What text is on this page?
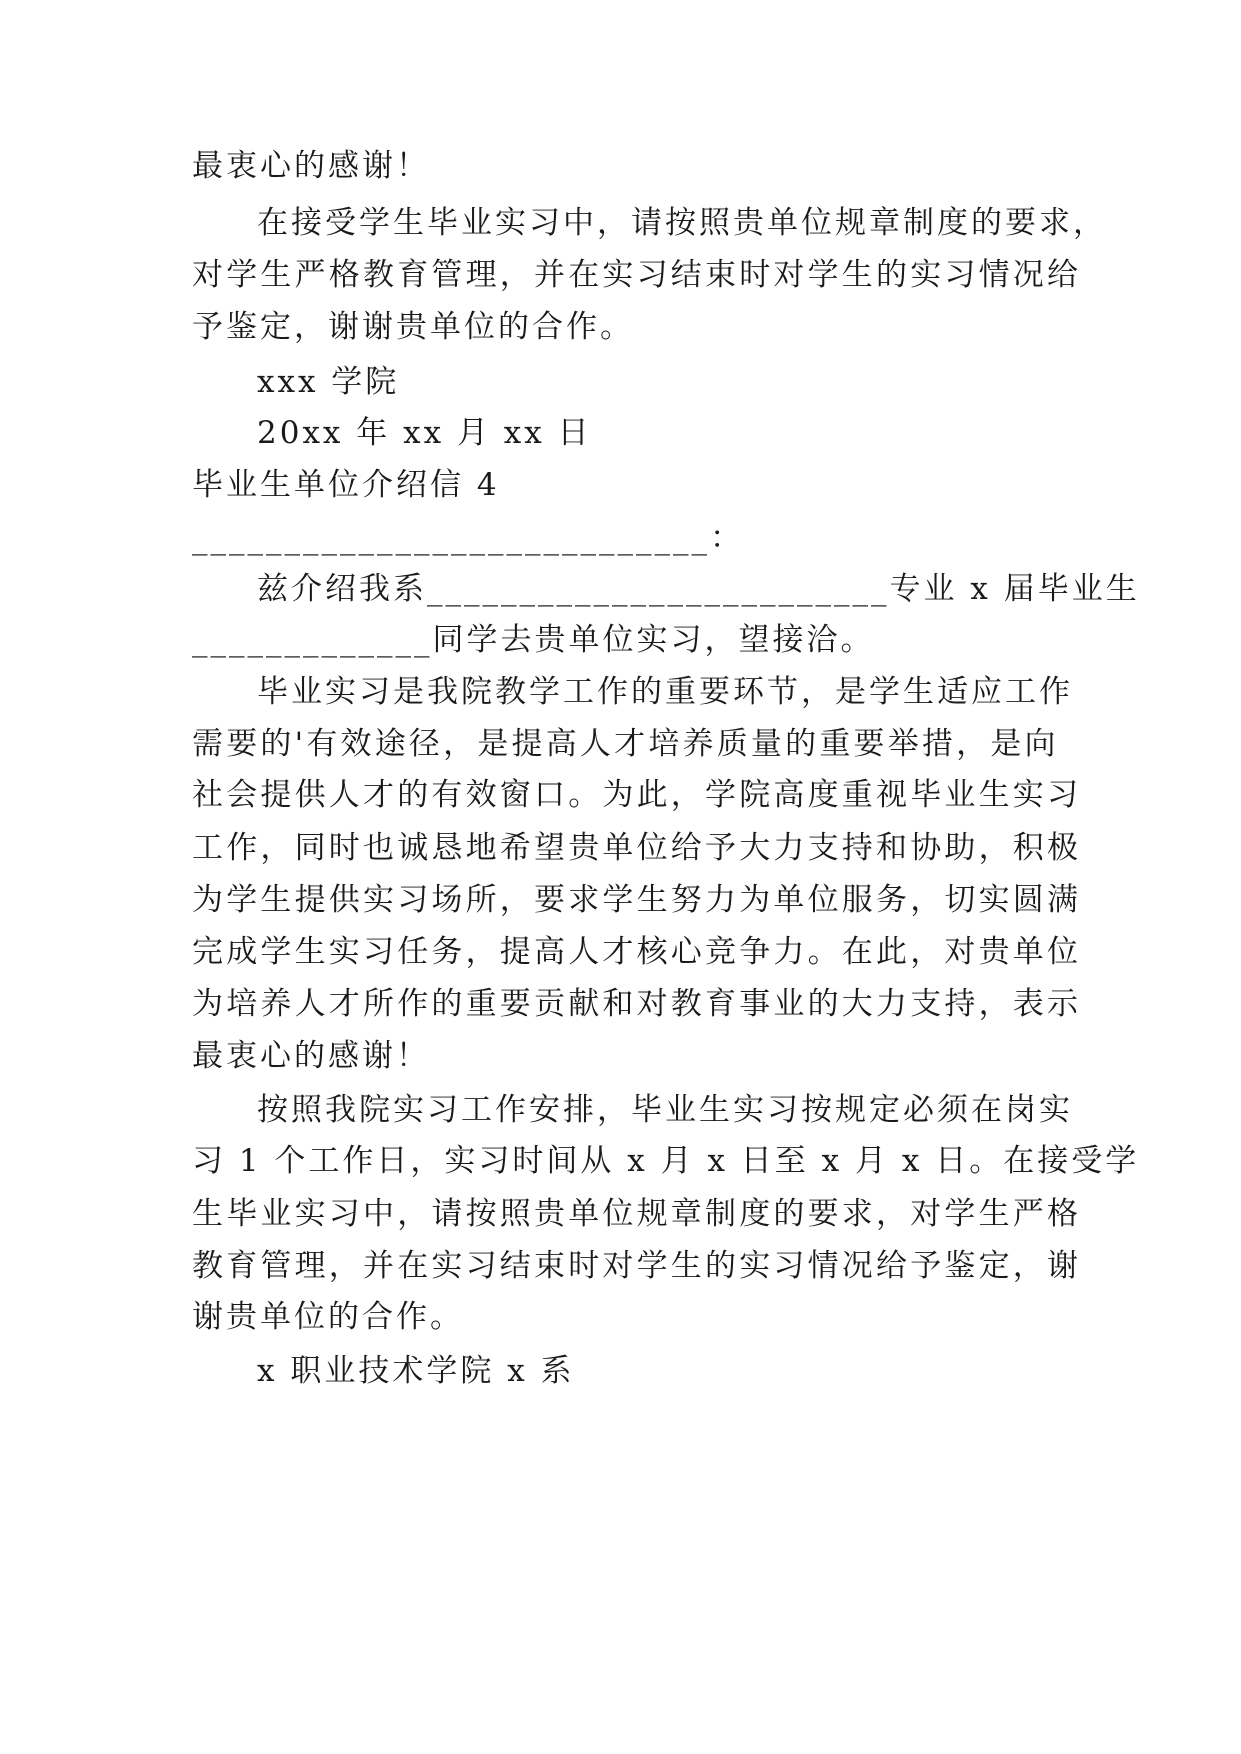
最衷心的感谢！
在接受学生毕业实习中，请按照贵单位规章制度的要求，
对学生严格教育管理，并在实习结束时对学生的实习情况给
予鉴定，谢谢贵单位的合作。
xxx 学院
20xx 年 xx 月 xx 日
毕业生单位介绍信 4
____________________________：
兹介绍我系_________________________专业 x 届毕业生
_____________同学去贵单位实习，望接洽。
毕业实习是我院教学工作的重要环节，是学生适应工作
需要的'有效途径，是提高人才培养质量的重要举措，是向
社会提供人才的有效窗口。为此，学院高度重视毕业生实习
工作，同时也诚恳地希望贵单位给予大力支持和协助，积极
为学生提供实习场所，要求学生努力为单位服务，切实圆满
完成学生实习任务，提高人才核心竞争力。在此，对贵单位
为培养人才所作的重要贡献和对教育事业的大力支持，表示
最衷心的感谢！
按照我院实习工作安排，毕业生实习按规定必须在岗实
习 1 个工作日，实习时间从 x 月 x 日至 x 月 x 日。在接受学
生毕业实习中，请按照贵单位规章制度的要求，对学生严格
教育管理，并在实习结束时对学生的实习情况给予鉴定，谢
谢贵单位的合作。
x 职业技术学院 x 系
